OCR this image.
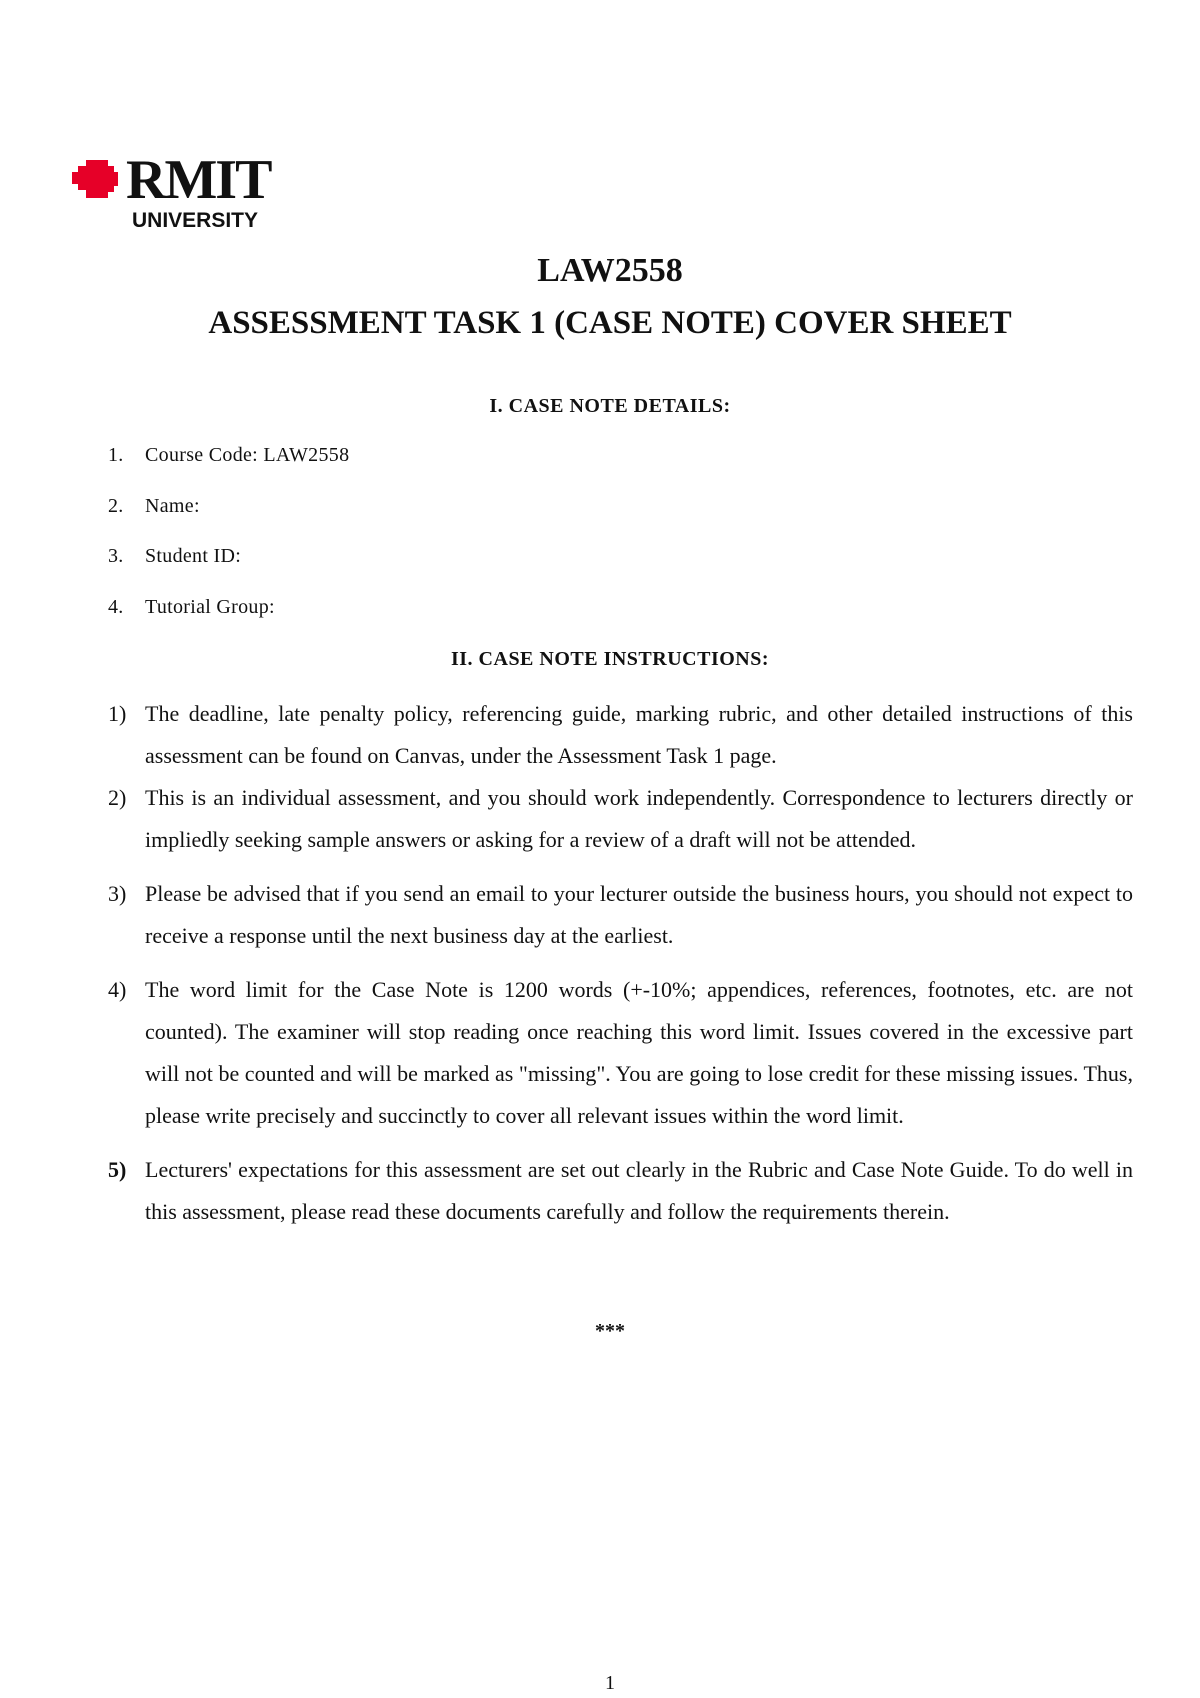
RMIT
UNIVERSITY
LAW2558
ASSESSMENT TASK 1 (CASE NOTE) COVER SHEET
I. CASE NOTE DETAILS:
1.	Course Code: LAW2558
2.	Name:
3.	Student ID:
4.	Tutorial Group:
II. CASE NOTE INSTRUCTIONS:
1) The deadline, late penalty policy, referencing guide, marking rubric, and other detailed instructions of this assessment can be found on Canvas, under the Assessment Task 1 page.
2) This is an individual assessment, and you should work independently. Correspondence to lecturers directly or impliedly seeking sample answers or asking for a review of a draft will not be attended.
3) Please be advised that if you send an email to your lecturer outside the business hours, you should not expect to receive a response until the next business day at the earliest.
4) The word limit for the Case Note is 1200 words (+-10%; appendices, references, footnotes, etc. are not counted). The examiner will stop reading once reaching this word limit. Issues covered in the excessive part will not be counted and will be marked as "missing". You are going to lose credit for these missing issues. Thus, please write precisely and succinctly to cover all relevant issues within the word limit.
5) Lecturers' expectations for this assessment are set out clearly in the Rubric and Case Note Guide. To do well in this assessment, please read these documents carefully and follow the requirements therein.
***
1
